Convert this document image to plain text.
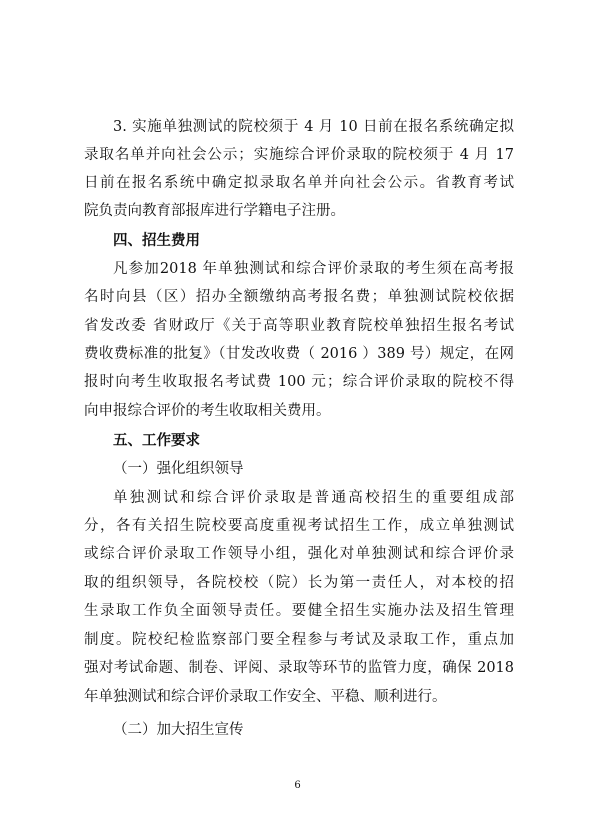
3. 实施单独测试的院校须于 4 月 10 日前在报名系统确定拟
录取名单并向社会公示；实施综合评价录取的院校须于 4 月 17
日前在报名系统中确定拟录取名单并向社会公示。省教育考试
院负责向教育部报库进行学籍电子注册。
四、招生费用
凡参加2018 年单独测试和综合评价录取的考生须在高考报
名时向县（区）招办全额缴纳高考报名费；单独测试院校依据
省发改委 省财政厅《关于高等职业教育院校单独招生报名考试
费收费标准的批复》（甘发改收费（ 2016 ）389 号）规定，在网
报时向考生收取报名考试费 100 元；综合评价录取的院校不得
向申报综合评价的考生收取相关费用。
五、工作要求
（一）强化组织领导
单独测试和综合评价录取是普通高校招生的重要组成部
分，各有关招生院校要高度重视考试招生工作，成立单独测试
或综合评价录取工作领导小组，强化对单独测试和综合评价录
取的组织领导，各院校校（院）长为第一责任人，对本校的招
生录取工作负全面领导责任。要健全招生实施办法及招生管理
制度。院校纪检监察部门要全程参与考试及录取工作，重点加
强对考试命题、制卷、评阅、录取等环节的监管力度，确保 2018
年单独测试和综合评价录取工作安全、平稳、顺利进行。
（二）加大招生宣传
6
